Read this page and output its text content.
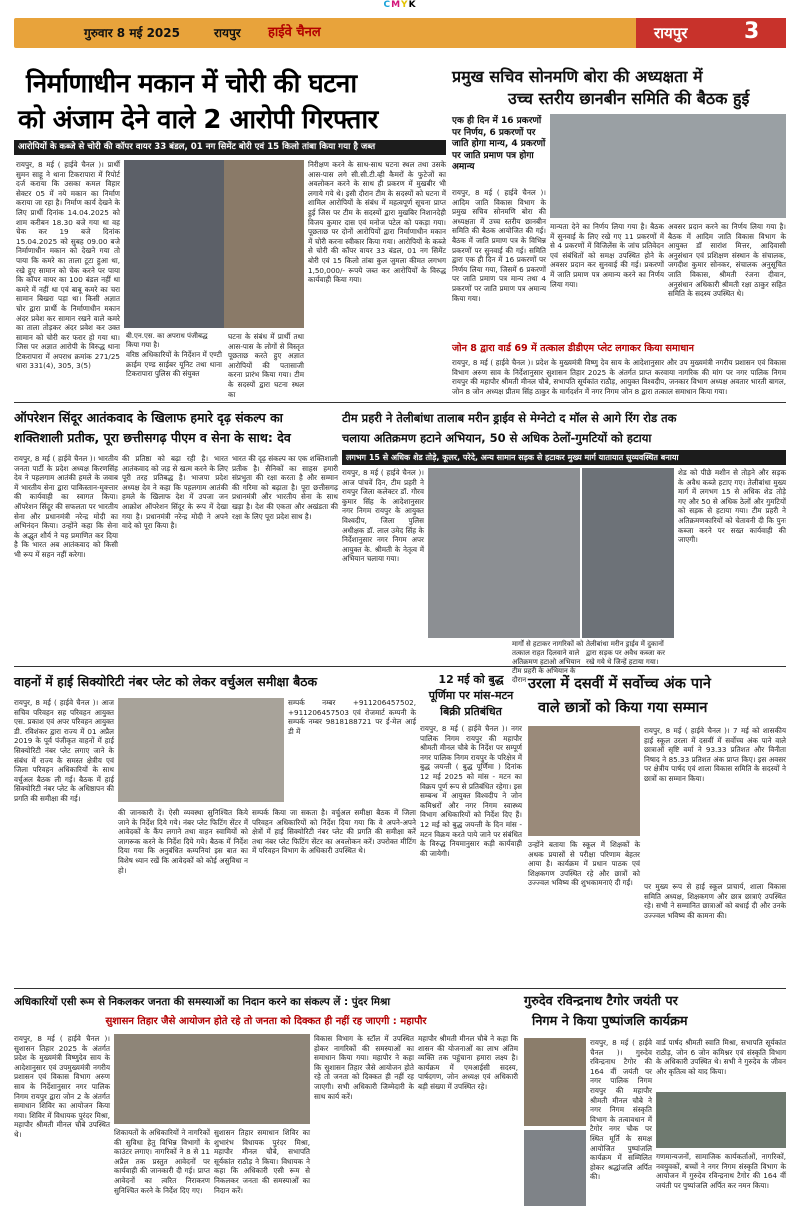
CMYK
गुरुवार 8 मई 2025	रायपुर हाईवे चैनल	रायपुर	3
निर्माणाधीन मकान में चोरी की घटना
को अंजाम देने वाले 2 आरोपी गिरफ्तार
आरोपियों के कब्जे से चोरी की कॉपर वायर 33 बंडल, 01 नग सिमेंट बोरी एवं 15 किलो तांबा किया गया है जब्त
रायपुर, 8 मई ( हाईवे चैनल )। प्रार्थी सुमन साहू ने थाना टिकरापारा में रिपोर्ट दर्ज कराया कि उसका कमल विहार सेक्टर 05 में नये मकान का निर्माण कराया जा रहा है। निर्माण कार्य देखने के लिए प्रार्थी दिनांक 14.04.2025 को शाम करीबन 18.30 बजे गया था वह चेक कर 19 बजे दिनांक 15.04.2025 को सुबह 09.00 बजे निर्माणाधीन मकान को देखने गया तो पाया कि कमरे का ताला टूटा हुआ था, रखे हुए सामान को चेक करने पर पाया कि कॉपर वायर का 100 बंडल नहीं था कमरे में नहीं था एवं बाबू कमरे का चरा सामान बिखरा पड़ा था। किसी अज्ञात चोर द्वारा प्रार्थी के निर्माणाधीन मकान अंदर प्रवेश कर सामान रखने वाले कमरे का ताला तोड़कर अंदर प्रवेश कर उक्त सामान को चोरी कर फरार हो गया था। जिस पर अज्ञात आरोपी के विरुद्ध थाना टिकरापारा में अपराध क्रमांक 271/25 धारा 331(4), 305, 3(5)
बी.एन.एस. का अपराध पंजीबद्ध किया गया है।
वरिष्ठ अधिकारियों के निर्देशन में एण्टी क्राईम एण्ड साईबर यूनिट तथा थाना टिकरापारा पुलिस की संयुक्त
घटना के संबंध में प्रार्थी तथा आस-पास के लोगों से विस्तृत पूछताछ करते हुए अज्ञात आरोपियों की पतासाजी करना प्रारंभ किया गया। टीम के सदस्यों द्वारा घटना स्थल का
निरीक्षण करने के साथ-साथ घटना स्थल तथा उसके आस-पास लगे सी.सी.टी.व्ही कैमरों के फुटेजों का अवलोकन करने के साथ ही प्रकरण में मुखबीर भी लगाये गये थे। इसी दौरान टीम के सदस्यों को घटना में शामिल आरोपियों के संबंध में महत्वपूर्ण सूचना प्राप्त हुई जिस पर टीम के सदस्यों द्वारा मुखबिर निशानदेही विजय कुमार दास एवं मनोज पटेल को पकड़ा गया। पूछताछ पर दोनों आरोपियों द्वारा निर्माणाधीन मकान में चोरी करना स्वीकार किया गया। आरोपियों के कब्जे से चोरी की कॉपर वायर 33 बंडल, 01 नग सिमेंट बोरी एवं 15 किलो तांबा कुल जुमला कीमत लगभग 1,50,000/- रूपये जब्त कर आरोपियों के विरुद्ध कार्यवाही किया गया।
प्रमुख सचिव सोनमणि बोरा की अध्यक्षता में
उच्च स्तरीय छानबीन समिति की बैठक हुई
एक ही दिन में 16 प्रकरणों पर निर्णय, 6 प्रकरणों पर जाति होगा मान्य, 4 प्रकरणों पर जाति प्रमाण पत्र होगा अमान्य
रायपुर, 8 मई ( हाईवे चैनल )। आदिम जाति विकास विभाग के प्रमुख सचिव सोनमणि बोरा की अध्यक्षता में उच्च स्तरीय छानबीन समिति की बैठक आयोजित की गई। बैठक में जाति प्रमाण पत्र के विभिन्न प्रकरणों पर सुनवाई की गई। समिति द्वारा एक ही दिन में 16 प्रकरणों पर निर्णय लिया गया, जिसमें 6 प्रकरणों पर जाति प्रमाण पत्र मान्य तथा 4 प्रकरणों पर जाति प्रमाण पत्र अमान्य किया गया।
मान्यता देने का निर्णय लिया गया है। बैठक में सुनवाई के लिए रखे गए 11 प्रकरणों में से 4 प्रकरणों में विजिलेंस के जांच प्रतिवेदन एवं संबंधितों को समक्ष उपस्थित होने के अवसर प्रदान कर सुनवाई की गई। प्रकरणों में जाति प्रमाण पत्र अमान्य करने का निर्णय लिया गया।
अवसर प्रदान करने का निर्णय लिया गया है। बैठक में आदिम जाति विकास विभाग के आयुक्त डॉ सारांश मित्तर, आदिवासी अनुसंधान एवं प्रशिक्षण संस्थान के संचालक, जगदीश कुमार सोनकर, संचालक अनुसूचित जाति विकास, श्रीमती रंजना दीवान, अनुसंधान अधिकारी श्रीमती रक्षा ठाकुर सहित समिति के सदस्य उपस्थित थे।
जोन 8 द्वारा वार्ड 69 में तत्काल डीडीएम प्लेट लगाकर किया समाधान
रायपुर, 8 मई ( हाईवे चैनल )। प्रदेश के मुख्यमंत्री विष्णु देव साय के आदेशानुसार और उप मुख्यमंत्री नगरीय प्रशासन एवं विकास विभाग अरुण साव के निर्देशानुसार सुशासन तिहार 2025 के अंतर्गत प्राप्त करवाया नागरिक की मांग पर नगर पालिक निगम रायपुर की महापौर श्रीमती मीनल चौबे, सभापति सूर्यकांत राठौड़, आयुक्त विश्वदीप, जनकार विभाग अध्यक्ष अवतार भारती बागल, जोन 8 जोन अध्यक्ष प्रीतम सिंह ठाकुर के मार्गदर्शन में नगर निगम जोन 8 द्वारा तत्काल समाधान किया गया।
ऑपरेशन सिंदूर आतंकवाद के खिलाफ हमारे दृढ़ संकल्प का
शक्तिशाली प्रतीक, पूरा छत्तीसगढ़ पीएम व सेना के साथ: देव
रायपुर, 8 मई ( हाईवे चैनल )। भारतीय जनता पार्टी के प्रदेश अध्यक्ष किरणसिंह देव ने पहलगाम आतंकी हमले के जवाब में भारतीय सेना द्वारा पाकिस्तान-मुक्त्तार की कार्यवाही का स्वागत किया। ऑपरेशन सिंदूर की सफलता पर भारतीय सेना और प्रधानमंत्री नरेन्द्र मोदी का अभिनंदन किया। उन्होंने कहा कि सेना के अद्भुत शौर्य ने यह प्रमाणित कर दिया है कि भारत अब आतंकवाद को किसी भी रूप में सहन नहीं करेगा।
की प्रतिष्ठा को बढ़ा रही है। भारत आतंकवाद को जड़ से खत्म करने के लिए पूरी तरह प्रतिबद्ध है। भाजपा प्रदेश अध्यक्ष देव ने कहा कि पहलगाम आतंकी हमले के खिलाफ देश में उपजा जन आक्रोश ऑपरेशन सिंदूर के रूप में देखा गया है। प्रधानमंत्री नरेन्द्र मोदी ने अपने वादे को पूरा किया है।
भारत की दृढ़ संकल्प का एक शक्तिशाली प्रतीक है। सैनिकों का साहस हमारी संप्रभुता की रक्षा करता है और सम्मान की गरिमा को बढ़ाता है। पूरा छत्तीसगढ़ प्रधानमंत्री और भारतीय सेना के साथ खड़ा है। देश की एकता और अखंडता की रक्षा के लिए पूरा प्रदेश साथ है।
टीम प्रहरी ने तेलीबांधा तालाब मरीन ड्राईव से मेग्नेटो द मॉल से आगे रिंग रोड तक
चलाया अतिक्रमण हटाने अभियान, 50 से अधिक ठेलों-गुमटियों को हटाया
लगभग 15 से अधिक शेड तोड़े, कूलर, परेदे, अन्य सामान सड़क से हटाकर मुख्य मार्ग यातायात सुव्यवस्थित बनाया
रायपुर, 8 मई ( हाईवे चैनल )। आज पांचवें दिन, टीम प्रहरी ने रायपुर जिला कलेक्टर डॉ. गौरव कुमार सिंह के आदेशानुसार नगर निगम रायपुर के आयुक्त विश्वदीप, जिला पुलिस अधीक्षक डॉ. लाल उमेद सिंह के निर्देशानुसार नगर निगम अपर आयुक्त के. श्रीमती के नेतृत्व में अभियान चलाया गया।
मार्गों से हटाकर नागरिकों को तत्काल राहत दिलवाने वाले अतिक्रमण हटाओ अभियान टीम प्रहरी के अभियान के दौरान
तेलीबांधा मरीन ड्राईव में दुकानों द्वारा सड़क पर अवैध कब्जा कर रखे गये थे जिन्हें हटाया गया।
शेड को पीछे मशीन से तोड़ने और सड़क के अवैध कब्जे हटाए गए। तेलीबांधा मुख्य मार्ग में लगभग 15 से अधिक शेड तोड़े गए और 50 से अधिक ठेलों और गुमटियों को सड़क से हटाया गया। टीम प्रहरी ने अतिक्रमणकारियों को चेतावनी दी कि पुनः कब्जा करने पर सख्त कार्यवाही की जाएगी।
वाहनों में हाई सिक्योरिटी नंबर प्लेट को लेकर वर्चुअल समीक्षा बैठक
रायपुर, 8 मई ( हाईवे चैनल )। आज सचिव परिवहन सह परिवहन आयुक्त एस. प्रकाश एवं अपर परिवहन आयुक्त डी. रविशंकर द्वारा राज्य में 01 अप्रैल 2019 के पूर्व पंजीकृत वाहनों में हाई सिक्योरिटी नंबर प्लेट लगाए जाने के संबंध में राज्य के समस्त क्षेत्रीय एवं जिला परिवहन अधिकारियों के साथ वर्चुअल बैठक ली गई। बैठक में हाई सिक्योरिटी नंबर प्लेट के अधिष्ठापन की प्रगति की समीक्षा की गई।
सम्पर्क नम्बर +911206457502, +911206457503 एवं रोजमार्ट कम्पनी के सम्पर्क नम्बर 9818188721 पर ई-मेल आई डी में
की जानकारी दें। ऐसी व्यवस्था सुनिश्चित किये जाने के निर्देश दिये गये। नंबर प्लेट फिटिंग सेंटर में आवेदकों के कैंप लगाने तथा वाहन स्वामियों को जागरूक करने के निर्देश दिये गये। बैठक में निर्देश दिया गया कि अनुबंधित कम्पनियां इस बात का विशेष ध्यान रखें कि आवेदकों को कोई असुविधा न हो।
सम्पर्क किया जा सकता है। वर्चुअल समीक्षा बैठक में जिला परिवहन अधिकारियों को निर्देश दिया गया कि वे अपने-अपने क्षेत्रों में हाई सिक्योरिटी नंबर प्लेट की प्रगति की समीक्षा करें तथा नंबर प्लेट फिटिंग सेंटर का अवलोकन करें। उपरोक्त मीटिंग में परिवहन विभाग के अधिकारी उपस्थित थे।
12 मई को बुद्ध
पूर्णिमा पर मांस-मटन
बिक्री प्रतिबंधित
रायपुर, 8 मई ( हाईवे चैनल )। नगर पालिक निगम रायपुर की महापौर श्रीमती मीनल चौबे के निर्देश पर सम्पूर्ण नगर पालिक निगम रायपुर के परिक्षेत्र में बुद्ध जयन्ती ( बुद्ध पूर्णिमा ) दिनांक 12 मई 2025 को मांस - मटन का विक्रय पूर्ण रूप से प्रतिबंधित रहेगा। इस सम्बन्ध में आयुक्त विश्वदीप ने जोन कमिश्नरों और नगर निगम स्वास्थ्य विभाग अधिकारियों को निर्देश दिए हैं। 12 मई को बुद्ध जयन्ती के दिन मांस - मटन विक्रय करते पाये जाने पर संबंधित के विरुद्ध नियमानुसार कड़ी कार्यवाही की जायेगी।
उरला में दसवीं में सर्वोच्च अंक पाने
वाले छात्रों को किया गया सम्मान
रायपुर, 8 मई ( हाईवे चैनल )। 7 मई को शासकीय हाई स्कूल उरला में दसवीं में सर्वोच्च अंक पाने वाले छात्राओं सृष्टि वर्मा ने 93.33 प्रतिशत और विनीता निषाद ने 85.33 प्रतिशत अंक प्राप्त किए। इस अवसर पर क्षेत्रीय पार्षद एवं शाला विकास समिति के सदस्यों ने छात्रों का सम्मान किया।
उन्होंने बताया कि स्कूल में शिक्षकों के अथक प्रयासों से परीक्षा परिणाम बेहतर आया है। कार्यक्रम में प्रधान पाठक एवं शिक्षकगण उपस्थित रहे और छात्रों को उज्ज्वल भविष्य की शुभकामनाएं दी गईं।	पर मुख्य रूप से हाई स्कूल प्राचार्य, शाला विकास समिति अध्यक्ष, शिक्षकगण और छात्र छात्राएं उपस्थित रहे। सभी ने सम्मानित छात्राओं को बधाई दी और उनके उज्ज्वल भविष्य की कामना की।
अधिकारियों एसी रूम से निकलकर जनता की समस्याओं का निदान करने का संकल्प लें : पुंदर मिश्रा
सुशासन तिहार जैसे आयोजन होते रहे तो जनता को दिक्कत ही नहीं रह जाएगी : महापौर
रायपुर, 8 मई ( हाईवे चैनल )। सुशासन तिहार 2025 के अंतर्गत प्रदेश के मुख्यमंत्री विष्णुदेव साय के आदेशानुसार एवं उपमुख्यमंत्री नगरीय प्रशासन एवं विकास विभाग अरुण साव के निर्देशानुसार नगर पालिक निगम रायपुर द्वारा जोन 2 के अंतर्गत समाधान शिविर का आयोजन किया गया। शिविर में विधायक पुरंदर मिश्रा, महापौर श्रीमती मीनल चौबे उपस्थित थे।	शिकायतों के अधिकारियों ने नागरिकों की सुविधा हेतु विभिन्न विभागों के काउंटर लगाए। नागरिकों ने 8 से 11 अप्रैल तक प्रस्तुत आवेदनों पर कार्यवाही की जानकारी दी गई। प्राप्त आवेदनों का त्वरित निराकरण सुनिश्चित करने के निर्देश दिए गए।
सुशासन तिहार समाधान शिविर का शुभारंभ विधायक पुरंदर मिश्रा, महापौर मीनल चौबे, सभापति सूर्यकांत राठौड़ ने किया। विधायक ने कहा कि अधिकारी एसी रूम से निकलकर जनता की समस्याओं का निदान करें।
विकास विभाग के स्टॉल में उपस्थित होकर नागरिकों की समस्याओं का समाधान किया गया। महापौर ने कहा कि सुशासन तिहार जैसे आयोजन होते रहे तो जनता को दिक्कत ही नहीं रह जाएगी। सभी अधिकारी जिम्मेदारी के साथ कार्य करें।
महापौर श्रीमती मीनल चौबे ने कहा कि शासन की योजनाओं का लाभ अंतिम व्यक्ति तक पहुंचाना हमारा लक्ष्य है। कार्यक्रम में एमआईसी सदस्य, पार्षदगण, जोन अध्यक्ष एवं अधिकारी बड़ी संख्या में उपस्थित रहे।
गुरुदेव रविन्द्रनाथ टैगोर जयंती पर
निगम ने किया पुष्पांजलि कार्यक्रम
रायपुर, 8 मई ( हाईवे चैनल )। गुरुदेव रविन्द्रनाथ टैगोर की 164 वीं जयंती पर नगर पालिक निगम रायपुर की महापौर श्रीमती मीनल चौबे ने नगर निगम संस्कृति विभाग के तत्वावधान में टैगोर नगर चौक पर स्थित मूर्ति के समक्ष आयोजित पुष्पांजलि कार्यक्रम में सम्मिलित होकर श्रद्धांजलि अर्पित की।
वार्ड पार्षद श्रीमती स्वाति मिश्रा, सभापति सूर्यकांत राठौड़, जोन 6 जोन कमिश्नर एवं संस्कृति विभाग के अधिकारी उपस्थित थे। सभी ने गुरुदेव के जीवन और कृतित्व को याद किया।
गणमान्यजनों, सामाजिक कार्यकर्ताओं, नागरिकों, नवयुवकों, बच्चों ने नगर निगम संस्कृति विभाग के आयोजन में गुरुदेव रविन्द्रनाथ टैगोर की 164 वीं जयंती पर पुष्पांजलि अर्पित कर नमन किया।
